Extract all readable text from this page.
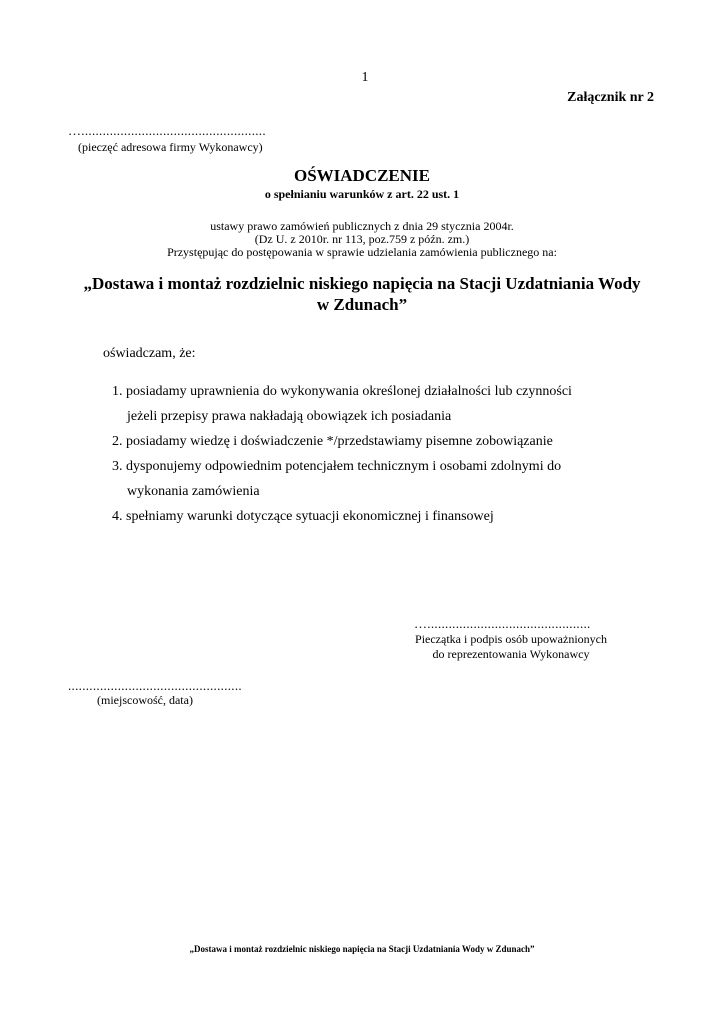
1
Załącznik nr 2
…....................................................
(pieczęć adresowa firmy Wykonawcy)
OŚWIADCZENIE
o spełnianiu warunków z art. 22 ust. 1
ustawy prawo zamówień publicznych z dnia 29 stycznia 2004r.
(Dz U. z 2010r. nr 113, poz.759 z późn. zm.)
Przystępując do postępowania w sprawie udzielania zamówienia publicznego na:
„Dostawa i montaż rozdzielnic niskiego napięcia na Stacji Uzdatniania Wody
w Zdunach”
oświadczam, że:
1. posiadamy uprawnienia do wykonywania określonej działalności lub czynności
jeżeli przepisy prawa nakładają obowiązek ich posiadania
2. posiadamy wiedzę i doświadczenie */przedstawiamy pisemne zobowiązanie
3. dysponujemy odpowiednim potencjałem technicznym i osobami zdolnymi do
wykonania zamówienia
4. spełniamy warunki dotyczące sytuacji ekonomicznej i finansowej
…..............................................
Pieczątka i podpis osób upoważnionych
do reprezentowania Wykonawcy
.................................................
(miejscowość, data)
„Dostawa i montaż rozdzielnic niskiego napięcia na Stacji Uzdatniania Wody w Zdunach”
